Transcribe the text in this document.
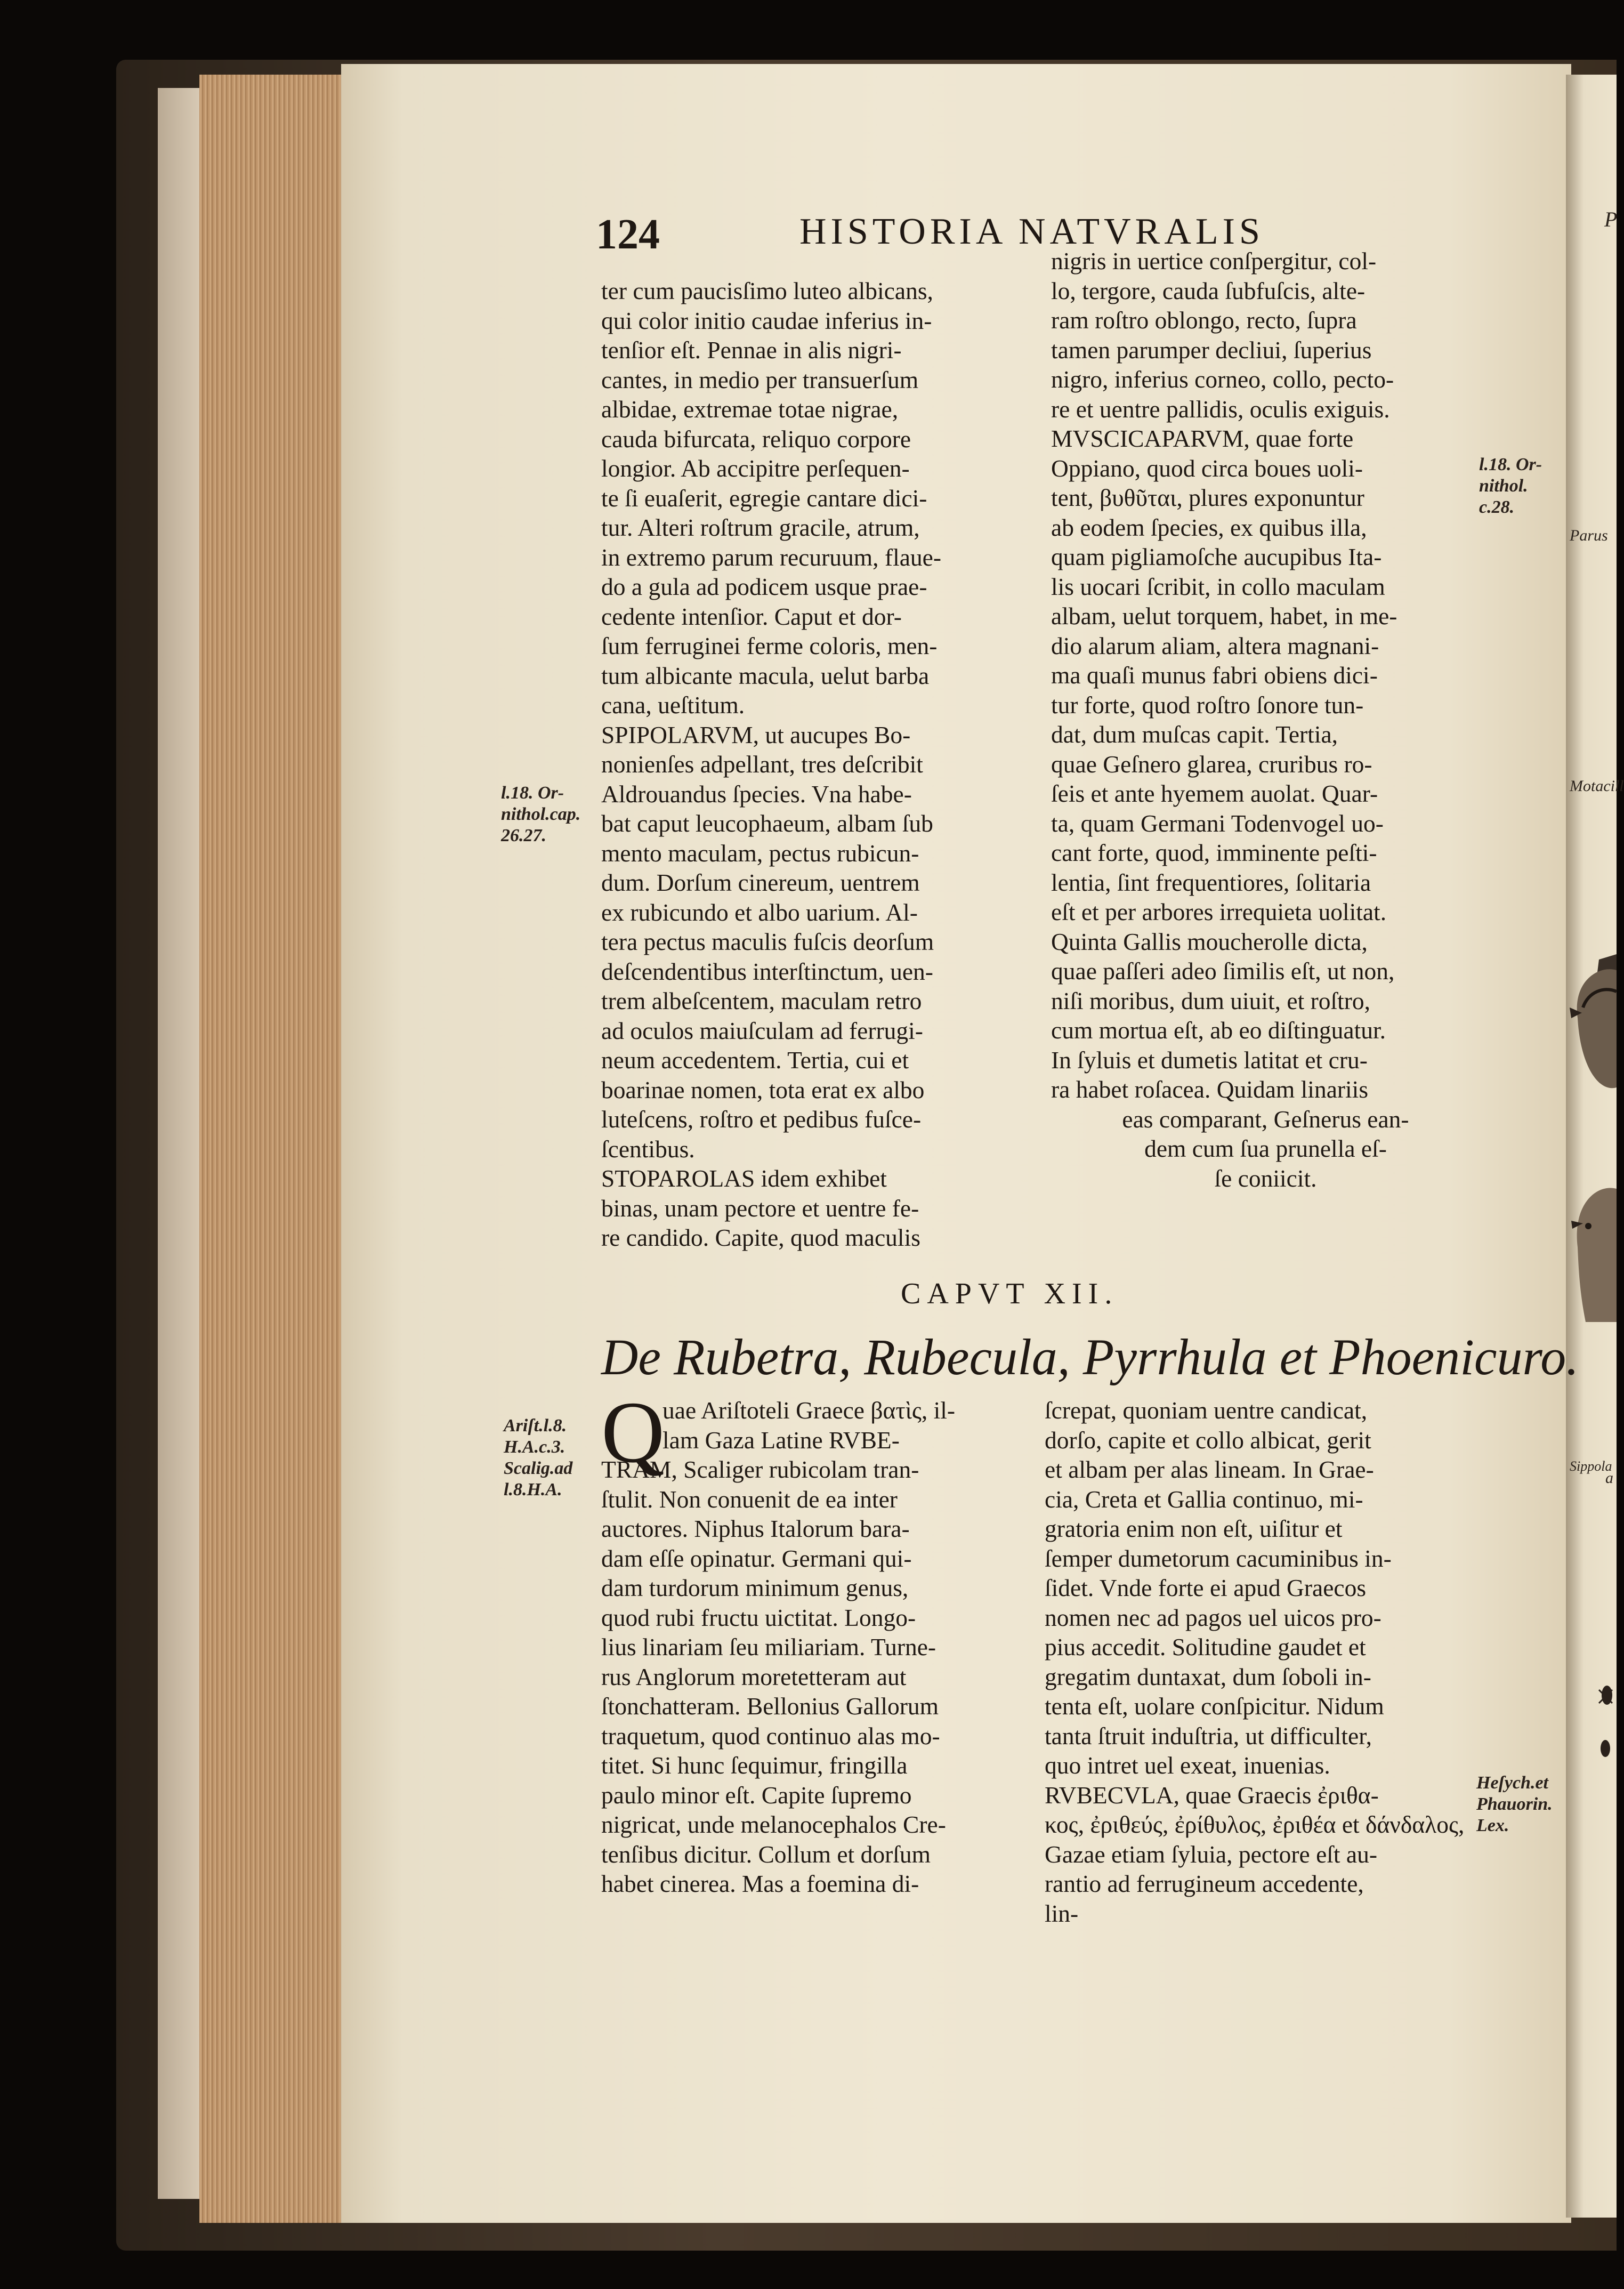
P
Parus
Motacill
Sippola
a
124	HISTORIA NATVRALIS
l.18. Or-
nithol.cap.
26.27.
l.18. Or-
nithol.
c.28.
Ariſt.l.8.
H.A.c.3.
Scalig.ad
l.8.H.A.
Heſych.et
Phauorin.
Lex.
ter cum paucisſimo luteo albicans,
qui color initio caudae inferius in-
tenſior eſt. Pennae in alis nigri-
cantes, in medio per transuerſum
albidae, extremae totae nigrae,
cauda bifurcata, reliquo corpore
longior. Ab accipitre perſequen-
te ſi euaſerit, egregie cantare dici-
tur. Alteri roſtrum gracile, atrum,
in extremo parum recuruum, flaue-
do a gula ad podicem usque prae-
cedente intenſior. Caput et dor-
ſum ferruginei ferme coloris, men-
tum albicante macula, uelut barba
cana, ueſtitum.
SPIPOLARVM, ut aucupes Bo-
nonienſes adpellant, tres deſcribit
Aldrouandus ſpecies. Vna habe-
bat caput leucophaeum, albam ſub
mento maculam, pectus rubicun-
dum. Dorſum cinereum, uentrem
ex rubicundo et albo uarium. Al-
tera pectus maculis fuſcis deorſum
deſcendentibus interſtinctum, uen-
trem albeſcentem, maculam retro
ad oculos maiuſculam ad ferrugi-
neum accedentem. Tertia, cui et
boarinae nomen, tota erat ex albo
luteſcens, roſtro et pedibus fuſce-
ſcentibus.
STOPAROLAS idem exhibet
binas, unam pectore et uentre fe-
re candido. Capite, quod maculis
nigris in uertice conſpergitur, col-
lo, tergore, cauda ſubfuſcis, alte-
ram roſtro oblongo, recto, ſupra
tamen parumper decliui, ſuperius
nigro, inferius corneo, collo, pecto-
re et uentre pallidis, oculis exiguis.
MVSCICAPARVM, quae forte
Oppiano, quod circa boues uoli-
tent, βυθῦται, plures exponuntur
ab eodem ſpecies, ex quibus illa,
quam pigliamoſche aucupibus Ita-
lis uocari ſcribit, in collo maculam
albam, uelut torquem, habet, in me-
dio alarum aliam, altera magnani-
ma quaſi munus fabri obiens dici-
tur forte, quod roſtro ſonore tun-
dat, dum muſcas capit. Tertia,
quae Geſnero glarea, cruribus ro-
ſeis et ante hyemem auolat. Quar-
ta, quam Germani Todenvogel uo-
cant forte, quod, imminente peſti-
lentia, ſint frequentiores, ſolitaria
eſt et per arbores irrequieta uolitat.
Quinta Gallis moucherolle dicta,
quae paſſeri adeo ſimilis eſt, ut non,
niſi moribus, dum uiuit, et roſtro,
cum mortua eſt, ab eo diſtinguatur.
In ſyluis et dumetis latitat et cru-
ra habet roſacea. Quidam linariis
eas comparant, Geſnerus ean-
dem cum ſua prunella eſ-
ſe coniicit.
CAPVT XII.
De Rubetra, Rubecula, Pyrrhula et Phoenicuro.
Q
uae Ariſtoteli Graece βατὶς, il-
lam Gaza Latine RVBE-
TRAM, Scaliger rubicolam tran-
ſtulit. Non conuenit de ea inter
auctores. Niphus Italorum bara-
dam eſſe opinatur. Germani qui-
dam turdorum minimum genus,
quod rubi fructu uictitat. Longo-
lius linariam ſeu miliariam. Turne-
rus Anglorum moretetteram aut
ſtonchatteram. Bellonius Gallorum
traquetum, quod continuo alas mo-
titet. Si hunc ſequimur, fringilla
paulo minor eſt. Capite ſupremo
nigricat, unde melanocephalos Cre-
tenſibus dicitur. Collum et dorſum
habet cinerea. Mas a foemina di-
ſcrepat, quoniam uentre candicat,
dorſo, capite et collo albicat, gerit
et albam per alas lineam. In Grae-
cia, Creta et Gallia continuo, mi-
gratoria enim non eſt, uiſitur et
ſemper dumetorum cacuminibus in-
ſidet. Vnde forte ei apud Graecos
nomen nec ad pagos uel uicos pro-
pius accedit. Solitudine gaudet et
gregatim duntaxat, dum ſoboli in-
tenta eſt, uolare conſpicitur. Nidum
tanta ſtruit induſtria, ut difficulter,
quo intret uel exeat, inuenias.
RVBECVLA, quae Graecis ἐριθα-
κος, ἐριθεύς, ἐρίθυλος, ἐριθέα et δάνδαλος,
Gazae etiam ſyluia, pectore eſt au-
rantio ad ferrugineum accedente,
lin-
